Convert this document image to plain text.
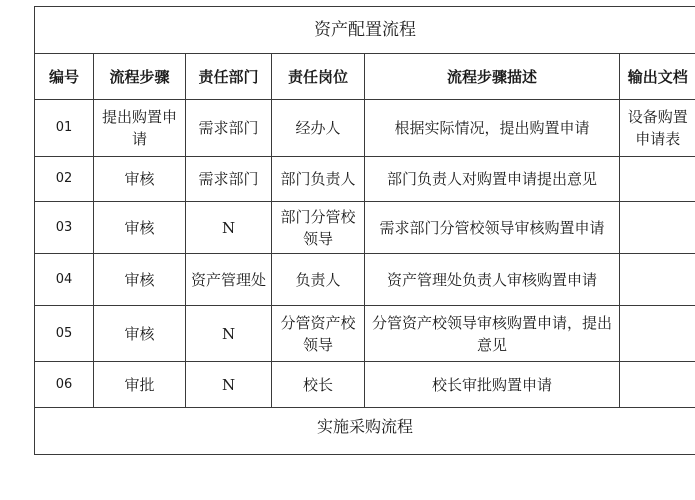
资产配置流程					
编号	流程步骤	责任部门	责任岗位	流程步骤描述	输出文档
01	提出购置申请	需求部门	经办人	根据实际情况，提出购置申请	设备购置申请表
02	审核	需求部门	部门负责人	部门负责人对购置申请提出意见	
03	审核	N	部门分管校领导	需求部门分管校领导审核购置申请	
04	审核	资产管理处	负责人	资产管理处负责人审核购置申请	
05	审核	N	分管资产校领导	分管资产校领导审核购置申请，提出意见	
06	审批	N	校长	校长审批购置申请	
实施采购流程					
